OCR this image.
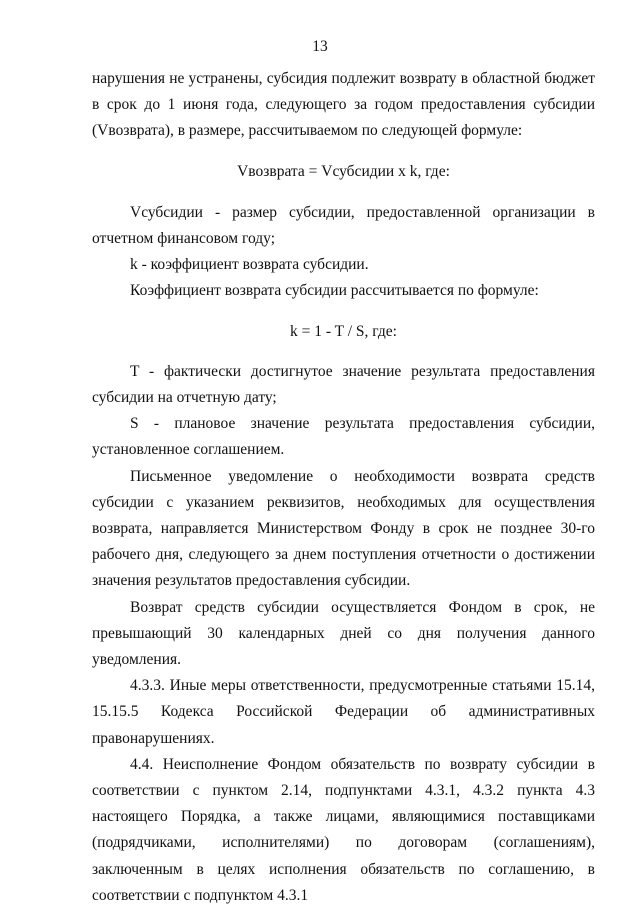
13

нарушения не устранены, субсидия подлежит возврату в областной бюджет в срок до 1 июня года, следующего за годом предоставления субсидии (Vвозврата), в размере, рассчитываемом по следующей формуле:

Vвозврата = Vсубсидии x k, где:

Vсубсидии - размер субсидии, предоставленной организации в отчетном финансовом году;

k - коэффициент возврата субсидии.

Коэффициент возврата субсидии рассчитывается по формуле:

k = 1 - T / S, где:

T - фактически достигнутое значение результата предоставления субсидии на отчетную дату;

S - плановое значение результата предоставления субсидии, установленное соглашением.

Письменное уведомление о необходимости возврата средств субсидии с указанием реквизитов, необходимых для осуществления возврата, направляется Министерством Фонду в срок не позднее 30-го рабочего дня, следующего за днем поступления отчетности о достижении значения результатов предоставления субсидии.

Возврат средств субсидии осуществляется Фондом в срок, не превышающий 30 календарных дней со дня получения данного уведомления.

4.3.3. Иные меры ответственности, предусмотренные статьями 15.14, 15.15.5 Кодекса Российской Федерации об административных правонарушениях.

4.4. Неисполнение Фондом обязательств по возврату субсидии в соответствии с пунктом 2.14, подпунктами 4.3.1, 4.3.2 пункта 4.3 настоящего Порядка, а также лицами, являющимися поставщиками (подрядчиками, исполнителями) по договорам (соглашениям), заключенным в целях исполнения обязательств по соглашению, в соответствии с подпунктом 4.3.1
